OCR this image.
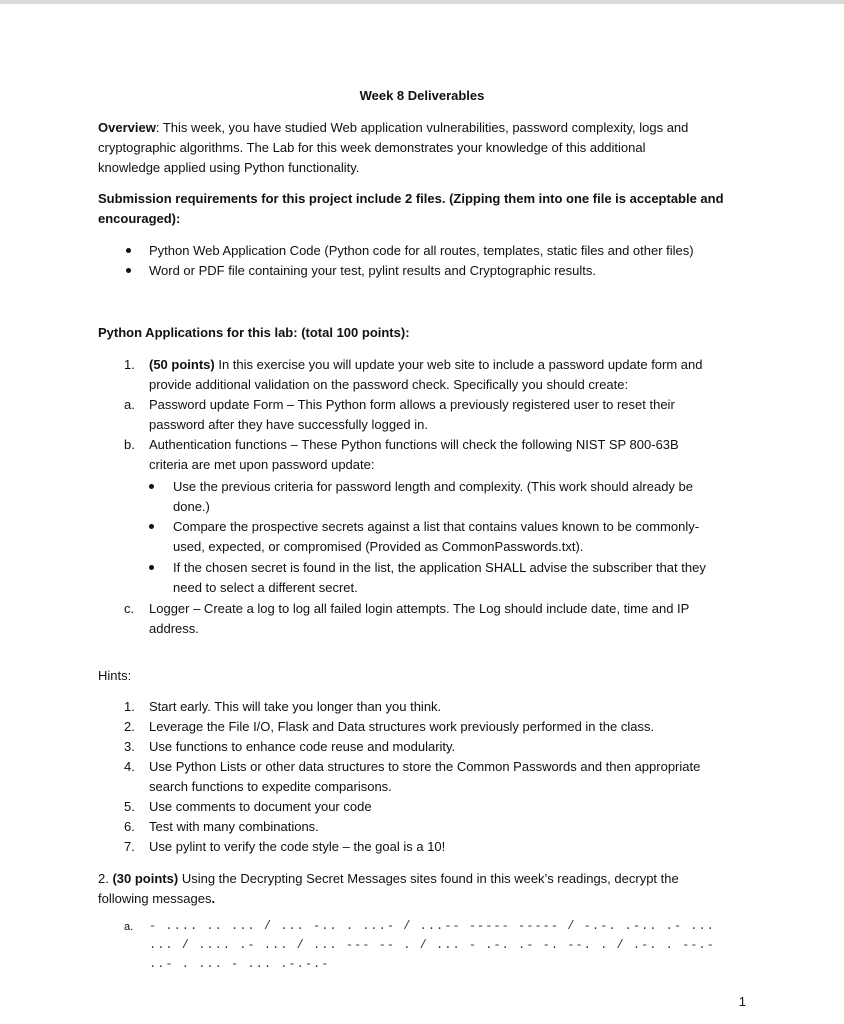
Week 8 Deliverables
Overview: This week, you have studied Web application vulnerabilities, password complexity, logs and
cryptographic algorithms. The Lab for this week demonstrates your knowledge of this additional
knowledge applied using Python functionality.
Submission requirements for this project include 2 files. (Zipping them into one file is acceptable and
encouraged):
Python Web Application Code (Python code for all routes, templates, static files and other files)
Word or PDF file containing your test, pylint results and Cryptographic results.
Python Applications for this lab: (total 100 points):
1. (50 points) In this exercise you will update your web site to include a password update form and
provide additional validation on the password check. Specifically you should create:
a. Password update Form – This Python form allows a previously registered user to reset their
password after they have successfully logged in.
b. Authentication functions – These Python functions will check the following NIST SP 800-63B
criteria are met upon password update:
Use the previous criteria for password length and complexity. (This work should already be
done.)
Compare the prospective secrets against a list that contains values known to be commonly-
used, expected, or compromised (Provided as CommonPasswords.txt).
If the chosen secret is found in the list, the application SHALL advise the subscriber that they
need to select a different secret.
c. Logger – Create a log to log all failed login attempts. The Log should include date, time and IP
address.
Hints:
1. Start early. This will take you longer than you think.
2. Leverage the File I/O, Flask and Data structures work previously performed in the class.
3. Use functions to enhance code reuse and modularity.
4. Use Python Lists or other data structures to store the Common Passwords and then appropriate
search functions to expedite comparisons.
5. Use comments to document your code
6. Test with many combinations.
7. Use pylint to verify the code style – the goal is a 10!
2. (30 points) Using the Decrypting Secret Messages sites found in this week’s readings, decrypt the
following messages.
a. - .... .. ... / ... -.. . ...- / ...-- ----- ----- / -.-. .-.. .- ...
... / .... .- ... / ... --- -- . / ... - .-. .- -. --. . / .-. . --.-
..- . ... - ... .-.-.-
1
